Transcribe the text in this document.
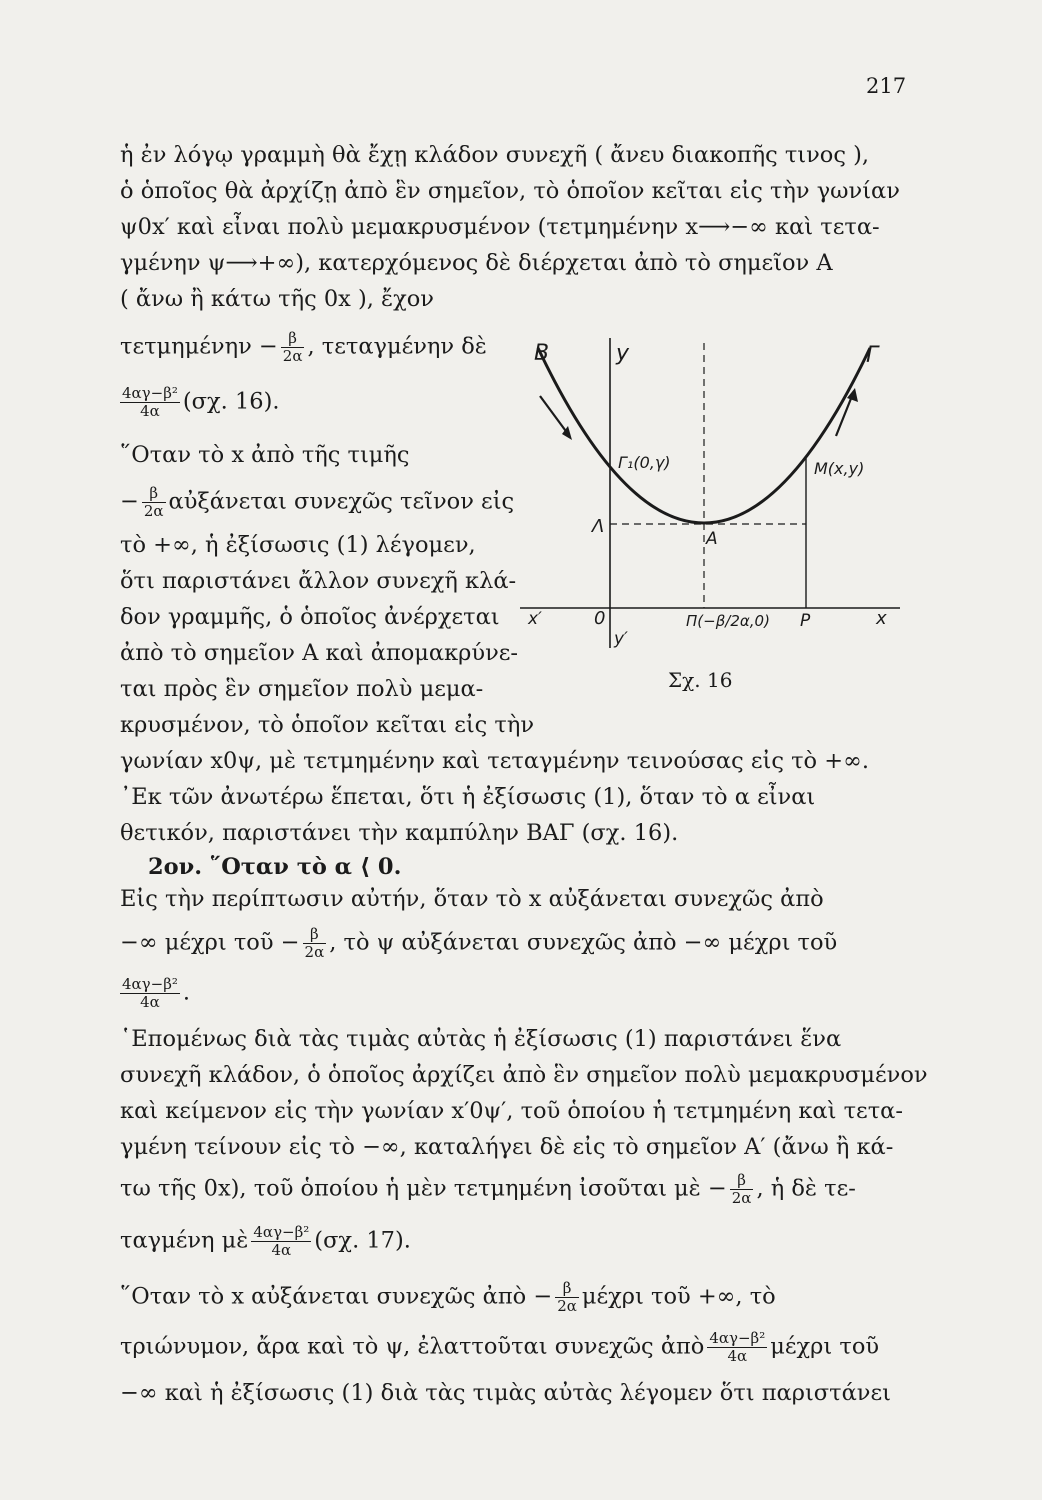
217
ἡ ἐν λόγῳ γραμμὴ θὰ ἔχῃ κλάδον συνεχῆ ( ἄνευ διακοπῆς τινος ),
ὁ ὁποῖος θὰ ἀρχίζῃ ἀπὸ ἓν σημεῖον, τὸ ὁποῖον κεῖται εἰς τὴν γωνίαν
ψ0x′ καὶ εἶναι πολὺ μεμακρυσμένον (τετμημένην x⟶−∞ καὶ τετα-
γμένην ψ⟶+∞), κατερχόμενος δὲ διέρχεται ἀπὸ τὸ σημεῖον Α
( ἄνω ἢ κάτω τῆς 0x ), ἔχον
$\tau\varepsilon\tau\mu\eta\mu έ\nu\eta\nu - \frac{\beta}{2\alpha}$ , τεταγμένην δὲ
$\frac{\text{4αγ−β²}}{4\alpha} (\sigma\chi$. 16).
῞Οταν τὸ x ἀπὸ τῆς τιμῆς
− $\frac{\beta}{2\alpha}$ αὐξάνεται συνεχῶς τεῖνον εἰς
τὸ +∞, ἡ ἐξίσωσις (1) λέγομεν,
ὅτι παριστάνει ἄλλον συνεχῆ κλά-
δον γραμμῆς, ὁ ὁποῖος ἀνέρχεται
ἀπὸ τὸ σημεῖον Α καὶ ἀπομακρύνε-
ται πρὸς ἓν σημεῖον πολὺ μεμα-
κρυσμένον, τὸ ὁποῖον κεῖται εἰς τὴν
γωνίαν x0ψ, μὲ τετμημένην καὶ τεταγμένην τεινούσας εἰς τὸ +∞.
᾿Εκ τῶν ἀνωτέρω ἕπεται, ὅτι ἡ ἐξίσωσις (1), ὅταν τὸ α εἶναι
θετικόν, παριστάνει τὴν καμπύλην ΒΑΓ (σχ. 16).
2ον. ῞Οταν τὸ α ⟨ 0.
Εἰς τὴν περίπτωσιν αὐτήν, ὅταν τὸ x αὐξάνεται συνεχῶς ἀπὸ
−∞ μέχρι τοῦ − $\frac{\beta}{2\alpha}$ , τὸ ψ αὐξάνεται συνεχῶς ἀπὸ −∞ μέχρι τοῦ
$\frac{\text{4αγ−β²}}{4\alpha}$ .
῾Επομένως διὰ τὰς τιμὰς αὐτὰς ἡ ἐξίσωσις (1) παριστάνει ἕνα
συνεχῆ κλάδον, ὁ ὁποῖος ἀρχίζει ἀπὸ ἓν σημεῖον πολὺ μεμακρυσμένον
καὶ κείμενον εἰς τὴν γωνίαν x′0ψ′, τοῦ ὁποίου ἡ τετμημένη καὶ τετα-
γμένη τείνουν εἰς τὸ −∞, καταλήγει δὲ εἰς τὸ σημεῖον Α′ (ἄνω ἢ κά-
τω τῆς 0x), τοῦ ὁποίου ἡ μὲν τετμημένη ἰσοῦται μὲ − $\frac{\beta}{2\alpha}$ , ἡ δὲ τε-
ταγμένη μὲ $\frac{\text{4αγ−β²}}{4\alpha} (\sigma\chi$. 17).
῞Οταν τὸ x αὐξάνεται συνεχῶς ἀπὸ − $\frac{\beta}{2\alpha}$ μέχρι τοῦ +∞, τὸ
τριώνυμον, ἄρα καὶ τὸ ψ, ἐλαττοῦται συνεχῶς ἀπὸ $\frac{\text{4αγ−β²}}{4\alpha}$ μέχρι τοῦ
−∞ καὶ ἡ ἐξίσωσις (1) διὰ τὰς τιμὰς αὐτὰς λέγομεν ὅτι παριστάνει
Β	y	Γ
Γ₁(0,γ)	M(x,y)
Λ
A
x′	0	Π(−β/2α,0) P	x
y′
Σχ. 16
